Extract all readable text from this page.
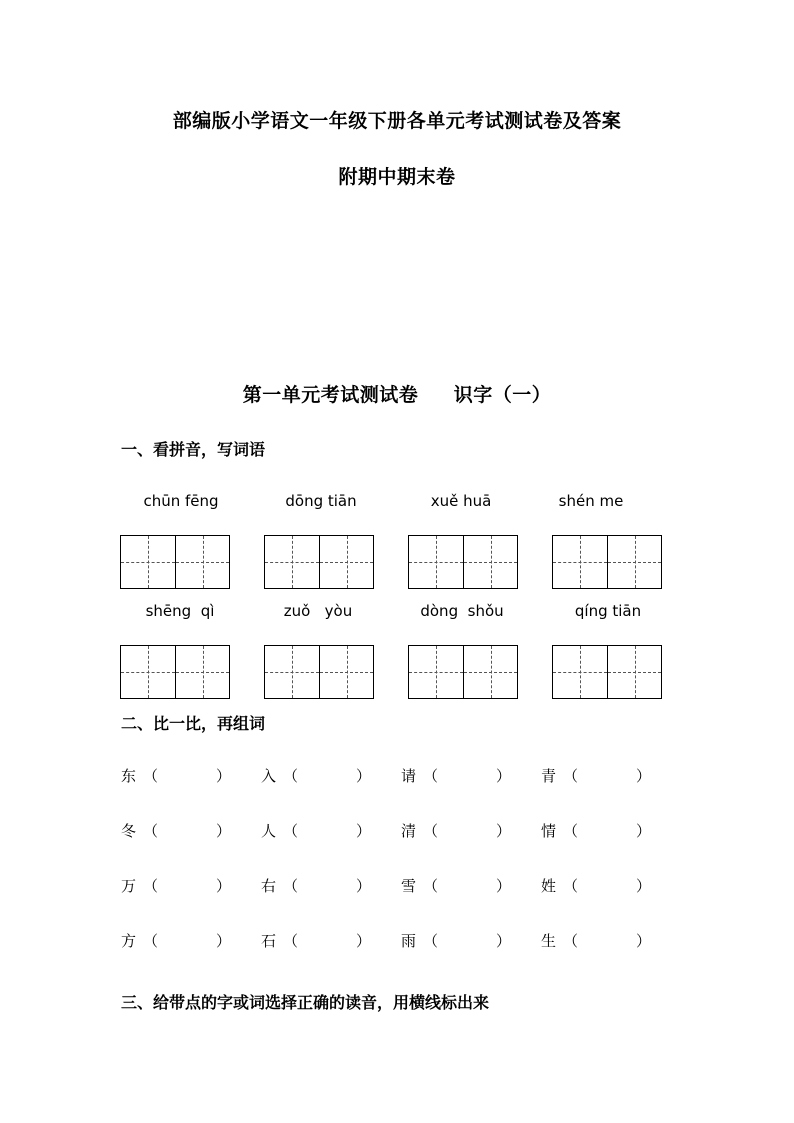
部编版小学语文一年级下册各单元考试测试卷及答案
附期中期末卷
第一单元考试测试卷     识字（一）
一、看拼音，写词语
chūn fēng	dōng tiān	xuě huā	shén me
shēng  qì	zuǒ   yòu	dòng  shǒu	qíng tiān
二、比一比，再组词
东 （	） 入 （	） 请 （	） 青 （	）
冬 （	） 人 （	） 清 （	） 情 （	）
万 （	） 右 （	） 雪 （	） 姓 （	）
方 （	） 石 （	） 雨 （	） 生 （	）
三、给带点的字或词选择正确的读音，用横线标出来
